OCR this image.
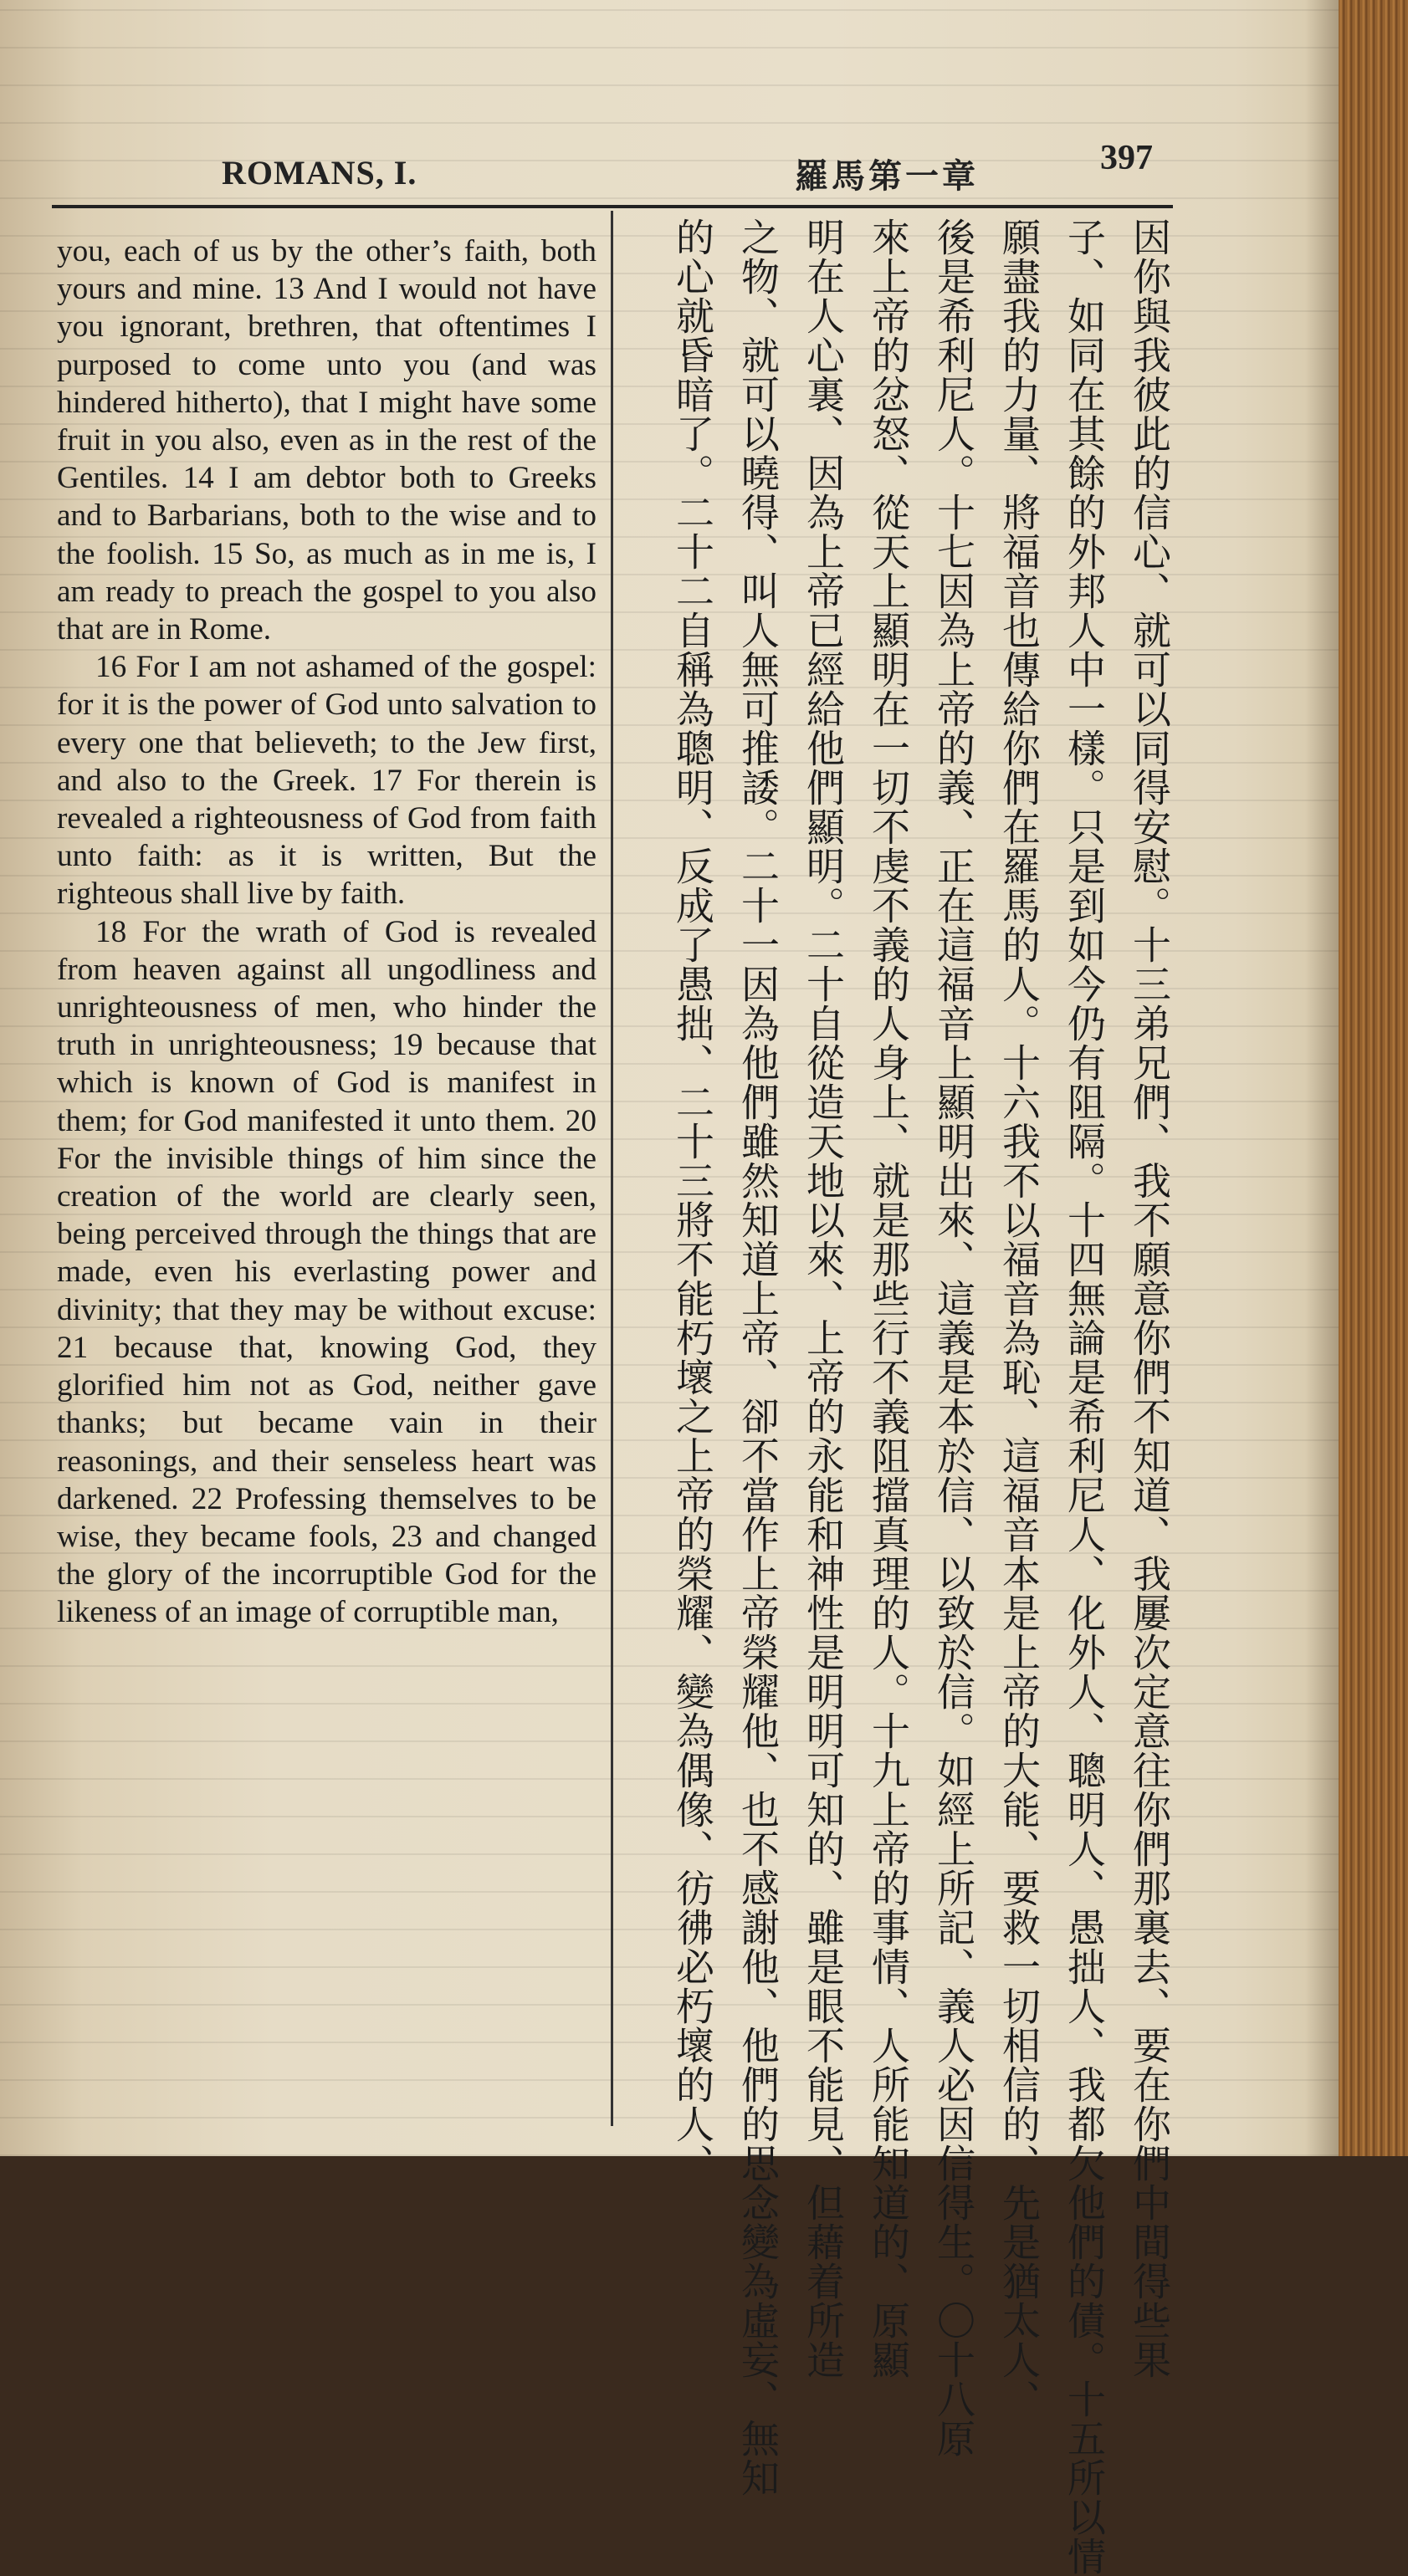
ROMANS, I.	章一第馬羅	397

you, each of us by the other’s faith, both yours and mine. 13 And I would not have you ignorant, brethren, that oftentimes I purposed to come unto you (and was hindered hitherto), that I might have some fruit in you also, even as in the rest of the Gentiles. 14 I am debtor both to Greeks and to Barbarians, both to the wise and to the foolish. 15 So, as much as in me is, I am ready to preach the gospel to you also that are in Rome.

16 For I am not ashamed of the gospel: for it is the power of God unto salvation to every one that believeth; to the Jew first, and also to the Greek. 17 For therein is revealed a righteousness of God from faith unto faith: as it is written, But the righteous shall live by faith.

18 For the wrath of God is revealed from heaven against all ungodliness and unrighteousness of men, who hinder the truth in unrighteousness; 19 because that which is known of God is manifest in them; for God manifested it unto them. 20 For the invisible things of him since the creation of the world are clearly seen, being perceived through the things that are made, even his everlasting power and divinity; that they may be without excuse: 21 because that, knowing God, they glorified him not as God, neither gave thanks; but became vain in their reasonings, and their senseless heart was darkened. 22 Professing themselves to be wise, they became fools, 23 and changed the glory of the incorruptible God for the likeness of an image of corruptible man,	因你與我彼此的信心、就可以同得安慰。十三弟兄們、我不願意你們不知道、我屢次定意往你們那裏去、要在你們中間得些果
子、如同在其餘的外邦人中一樣。只是到如今仍有阻隔。十四無論是希利尼人、化外人、聰明人、愚拙人、我都欠他們的債。十五所以情
願盡我的力量、將福音也傳給你們在羅馬的人。十六我不以福音為恥、這福音本是上帝的大能、要救一切相信的、先是猶太人、
後是希利尼人。十七因為上帝的義、正在這福音上顯明出來、這義是本於信、以致於信。如經上所記、義人必因信得生。〇十八原
來上帝的忿怒、從天上顯明在一切不虔不義的人身上、就是那些行不義阻擋真理的人。十九上帝的事情、人所能知道的、原顯
明在人心裏、因為上帝已經給他們顯明。二十自從造天地以來、上帝的永能和神性是明明可知的、雖是眼不能見、但藉着所造
之物、就可以曉得、叫人無可推諉。二十一因為他們雖然知道上帝、卻不當作上帝榮耀他、也不感謝他、他們的思念變為虛妄、無知
的心就昏暗了。二十二自稱為聰明、反成了愚拙、二十三將不能朽壞之上帝的榮耀、變為偶像、彷彿必朽壞的人、
